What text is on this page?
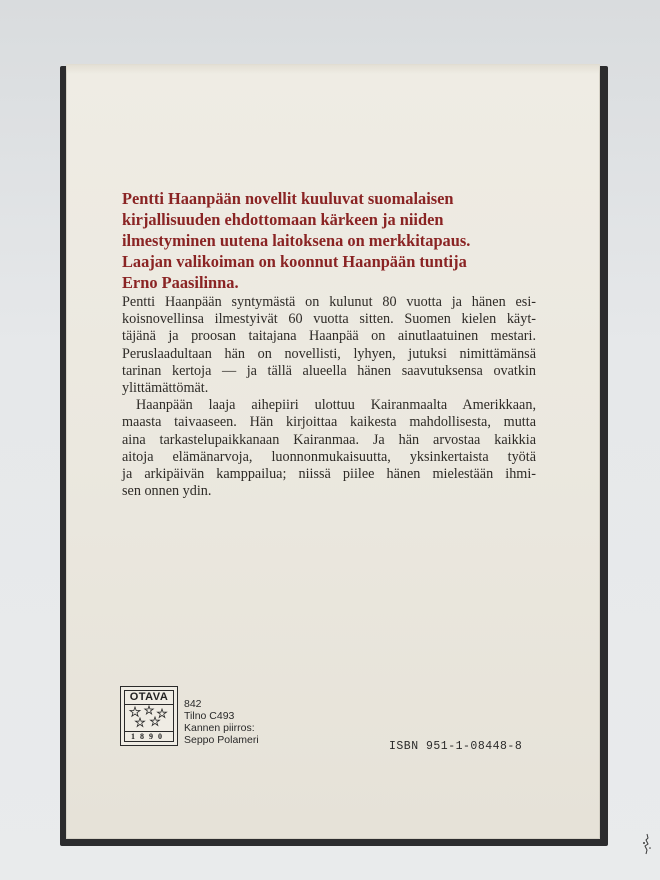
Pentti Haanpään novellit kuuluvat suomalaisen
kirjallisuuden ehdottomaan kärkeen ja niiden
ilmestyminen uutena laitoksena on merkkitapaus.
Laajan valikoiman on koonnut Haanpään tuntija
Erno Paasilinna.

Pentti Haanpään syntymästä on kulunut 80 vuotta ja hänen esi-
koisnovellinsa ilmestyivät 60 vuotta sitten. Suomen kielen käyt-
täjänä ja proosan taitajana Haanpää on ainutlaatuinen mestari.
Peruslaadultaan hän on novellisti, lyhyen, jutuksi nimittämänsä
tarinan kertoja — ja tällä alueella hänen saavutuksensa ovatkin
ylittämättömät.
Haanpään laaja aihepiiri ulottuu Kairanmaalta Amerikkaan,
maasta taivaaseen. Hän kirjoittaa kaikesta mahdollisesta, mutta
aina tarkastelupaikkanaan Kairanmaa. Ja hän arvostaa kaikkia
aitoja elämänarvoja, luonnonmukaisuutta, yksinkertaista työtä
ja arkipäivän kamppailua; niissä piilee hänen mielestään ihmi-
sen onnen ydin.
OTAVA
1890
842
Tilno C493
Kannen piirros:
Seppo Polameri	ISBN 951-1-08448-8
